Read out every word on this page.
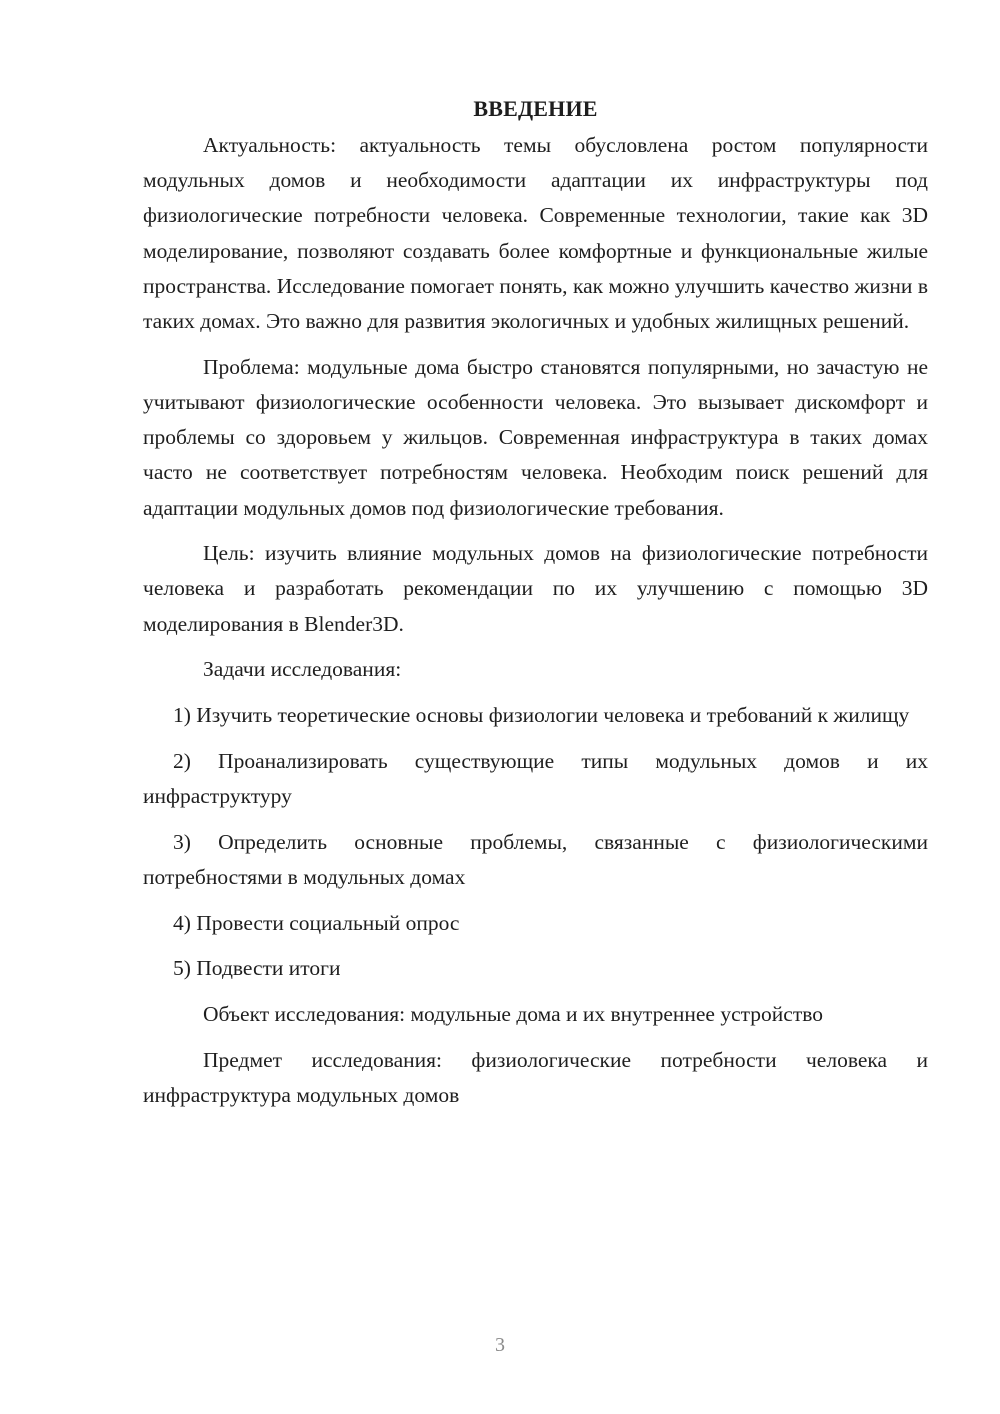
ВВЕДЕНИЕ

Актуальность: актуальность темы обусловлена ростом популярности модульных домов и необходимости адаптации их инфраструктуры под физиологические потребности человека. Современные технологии, такие как 3D моделирование, позволяют создавать более комфортные и функциональные жилые пространства. Исследование помогает понять, как можно улучшить качество жизни в таких домах. Это важно для развития экологичных и удобных жилищных решений.

Проблема: модульные дома быстро становятся популярными, но зачастую не учитывают физиологические особенности человека. Это вызывает дискомфорт и проблемы со здоровьем у жильцов. Современная инфраструктура в таких домах часто не соответствует потребностям человека. Необходим поиск решений для адаптации модульных домов под физиологические требования.

Цель: изучить влияние модульных домов на физиологические потребности человека и разработать рекомендации по их улучшению с помощью 3D моделирования в Blender3D.

Задачи исследования:

1) Изучить теоретические основы физиологии человека и требований к жилищу

2) Проанализировать существующие типы модульных домов и их инфраструктуру

3) Определить основные проблемы, связанные с физиологическими потребностями в модульных домах

4) Провести социальный опрос

5) Подвести итоги

Объект исследования: модульные дома и их внутреннее устройство

Предмет исследования: физиологические потребности человека и инфраструктура модульных домов

3
